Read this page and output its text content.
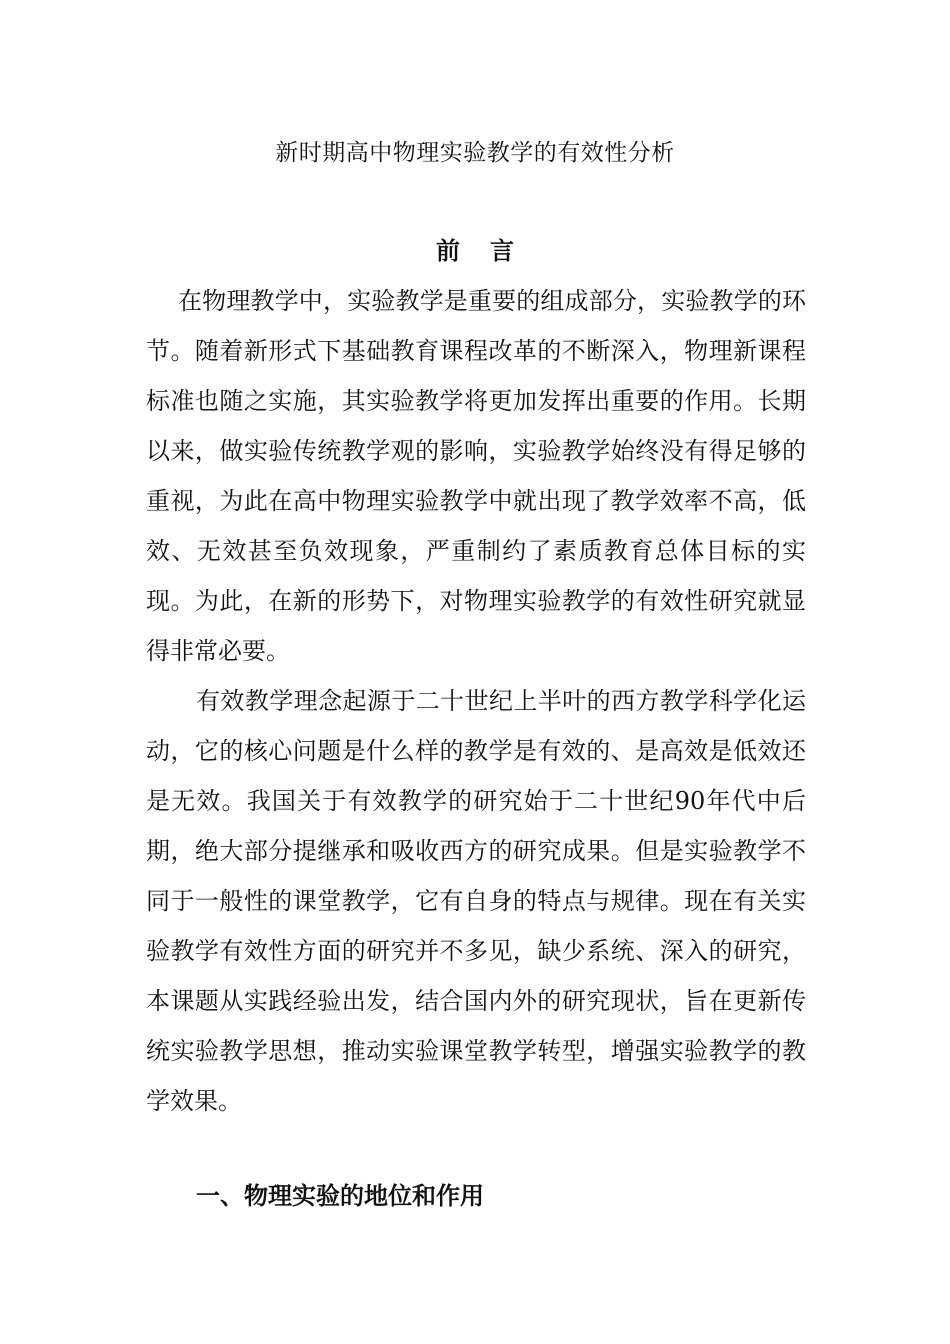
新时期高中物理实验教学的有效性分析
前言

在物理教学中，实验教学是重要的组成部分，实验教学的环节。随着新形式下基础教育课程改革的不断深入，物理新课程标准也随之实施，其实验教学将更加发挥出重要的作用。长期以来，做实验传统教学观的影响，实验教学始终没有得足够的重视，为此在高中物理实验教学中就出现了教学效率不高，低效、无效甚至负效现象，严重制约了素质教育总体目标的实现。为此，在新的形势下，对物理实验教学的有效性研究就显得非常必要。

有效教学理念起源于二十世纪上半叶的西方教学科学化运动，它的核心问题是什么样的教学是有效的、是高效是低效还是无效。我国关于有效教学的研究始于二十世纪90年代中后期，绝大部分提继承和吸收西方的研究成果。但是实验教学不同于一般性的课堂教学，它有自身的特点与规律。现在有关实验教学有效性方面的研究并不多见，缺少系统、深入的研究，本课题从实践经验出发，结合国内外的研究现状，旨在更新传统实验教学思想，推动实验课堂教学转型，增强实验教学的教学效果。

一、物理实验的地位和作用
